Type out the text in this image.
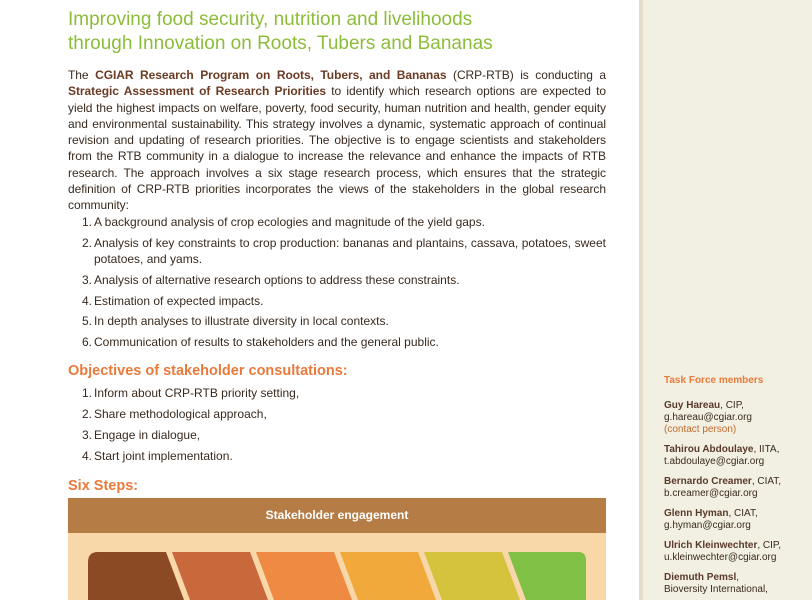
Improving food security, nutrition and livelihoods
through Innovation on Roots, Tubers and Bananas

The CGIAR Research Program on Roots, Tubers, and Bananas (CRP-RTB) is conducting a Strategic Assessment of Research Priorities to identify which research options are expected to yield the highest impacts on welfare, poverty, food security, human nutrition and health, gender equity and environmental sustainability. This strategy involves a dynamic, systematic approach of continual revision and updating of research priorities. The objective is to engage scientists and stakeholders from the RTB community in a dialogue to increase the relevance and enhance the impacts of RTB research. The approach involves a six stage research process, which ensures that the strategic definition of CRP-RTB priorities incorporates the views of the stakeholders in the global research community:

1. A background analysis of crop ecologies and magnitude of the yield gaps.
2. Analysis of key constraints to crop production: bananas and plantains, cassava, potatoes, sweet potatoes, and yams.
3. Analysis of alternative research options to address these constraints.
4. Estimation of expected impacts.
5. In depth analyses to illustrate diversity in local contexts.
6. Communication of results to stakeholders and the general public.
Objectives of stakeholder consultations:
1. Inform about CRP-RTB priority setting,
2. Share methodological approach,
3. Engage in dialogue,
4. Start joint implementation.
Six Steps:
Stakeholder engagement
Task Force members
Guy Hareau, CIP,
g.hareau@cgiar.org
(contact person)
Tahirou Abdoulaye, IITA,
t.abdoulaye@cgiar.org
Bernardo Creamer, CIAT,
b.creamer@cgiar.org
Glenn Hyman, CIAT,
g.hyman@cgiar.org
Ulrich Kleinwechter, CIP,
u.kleinwechter@cgiar.org
Diemuth Pemsl,
Bioversity International,
